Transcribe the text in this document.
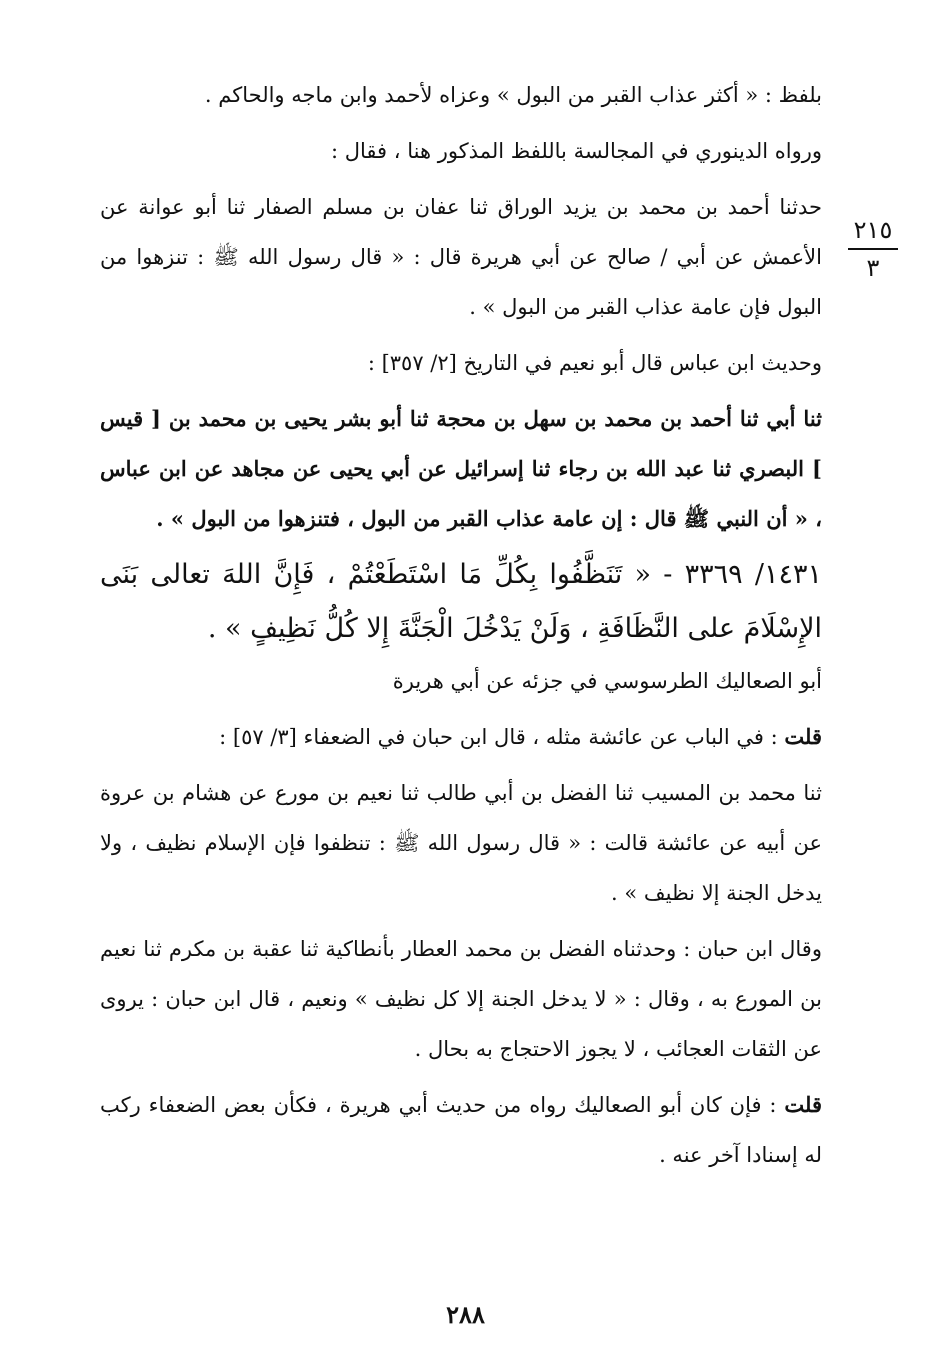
٢١٥
٣

بلفظ : « أكثر عذاب القبر من البول » وعزاه لأحمد وابن ماجه والحاكم .

ورواه الدينوري في المجالسة باللفظ المذكور هنا ، فقال :

حدثنا أحمد بن محمد بن يزيد الوراق ثنا عفان بن مسلم الصفار ثنا أبو عوانة عن الأعمش عن أبي / صالح عن أبي هريرة قال : « قال رسول الله ﷺ : تنزهوا من البول فإن عامة عذاب القبر من البول » .

وحديث ابن عباس قال أبو نعيم في التاريخ [٢/ ٣٥٧] :

ثنا أبي ثنا أحمد بن محمد بن سهل بن محجة ثنا أبو بشر يحيى بن محمد بن [ قيس ] البصري ثنا عبد الله بن رجاء ثنا إسرائيل عن أبي يحيى عن مجاهد عن ابن عباس ، « أن النبي ﷺ قال : إن عامة عذاب القبر من البول ، فتنزهوا من البول » .

١٤٣١/ ٣٣٦٩ - « تَنَظَّفُوا بِكُلِّ مَا اسْتَطَعْتُمْ ، فَإِنَّ اللهَ تعالى بَنَى الإِسْلَامَ على النَّظَافَةِ ، وَلَنْ يَدْخُلَ الْجَنَّةَ إِلا كُلُّ نَظِيفٍ » .

أبو الصعاليك الطرسوسي في جزئه عن أبي هريرة

قلت : في الباب عن عائشة مثله ، قال ابن حبان في الضعفاء [٣/ ٥٧] :

ثنا محمد بن المسيب ثنا الفضل بن أبي طالب ثنا نعيم بن مورع عن هشام بن عروة عن أبيه عن عائشة قالت : « قال رسول الله ﷺ : تنظفوا فإن الإسلام نظيف ، ولا يدخل الجنة إلا نظيف » .

وقال ابن حبان : وحدثناه الفضل بن محمد العطار بأنطاكية ثنا عقبة بن مكرم ثنا نعيم بن المورع به ، وقال : « لا يدخل الجنة إلا كل نظيف » ونعيم ، قال ابن حبان : يروى عن الثقات العجائب ، لا يجوز الاحتجاج به بحال .

قلت : فإن كان أبو الصعاليك رواه من حديث أبي هريرة ، فكأن بعض الضعفاء ركب له إسنادا آخر عنه .

٢٨٨
